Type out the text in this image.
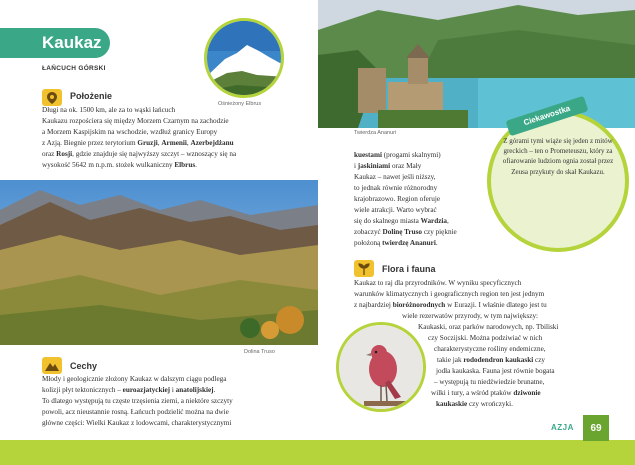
Kaukaz
ŁAŃCUCH GÓRSKI
Ośnieżony Elbrus
Położenie
Długi na ok. 1500 km, ale za to wąski łańcuch
Kaukazu rozpościera się między Morzem Czarnym na zachodzie
a Morzem Kaspijskim na wschodzie, wzdłuż granicy Europy
z Azją. Biegnie przez terytorium Gruzji, Armenii, Azerbejdżanu
oraz Rosji, gdzie znajduje się najwyższy szczyt – wznoszący się na
wysokość 5642 m n.p.m. stożek wulkaniczny Elbrus.
Dolina Truso
Cechy
Młody i geologicznie złożony Kaukaz w dalszym ciągu podlega
kolizji płyt tektonicznych – euroazjatyckiej i anatolijskiej.
To dlatego występują tu częste trzęsienia ziemi, a niektóre szczyty
powoli, acz nieustannie rosną. Łańcuch podzielić można na dwie
główne części: Wielki Kaukaz z lodowcami, charakterystycznymi
Twierdza Ananuri
kuestami (progami skalnymi)
i jaskiniami oraz Mały
Kaukaz – nawet jeśli niższy,
to jednak równie różnorodny
krajobrazowo. Region oferuje
wiele atrakcji. Warto wybrać
się do skalnego miasta Wardzia,
zobaczyć Dolinę Truso czy pięknie
położoną twierdzę Ananuri.
Ciekawostka
Z górami tymi wiąże się jeden z mitów greckich – ten o Prometeuszu, który za ofiarowanie ludziom ognia został przez Zeusa przykuty do skał Kaukazu.
Flora i fauna
Kaukaz to raj dla przyrodników. W wyniku specyficznych
warunków klimatycznych i geograficznych region ten jest jednym
z najbardziej bioróżnorodnych w Eurazji. I właśnie dlatego jest tu
wiele rezerwatów przyrody, w tym największy:
Kaukaski, oraz parków narodowych, np. Tbiliski
czy Soczijski. Można podziwiać w nich
charakterystyczne rośliny endemiczne,
takie jak rododendron kaukaski czy
jodła kaukaska. Fauna jest równie bogata
– występują tu niedźwiedzie brunatne,
wilki i tury, a wśród ptaków dziwonie
kaukaskie czy wrończyki.
AZJA	69
